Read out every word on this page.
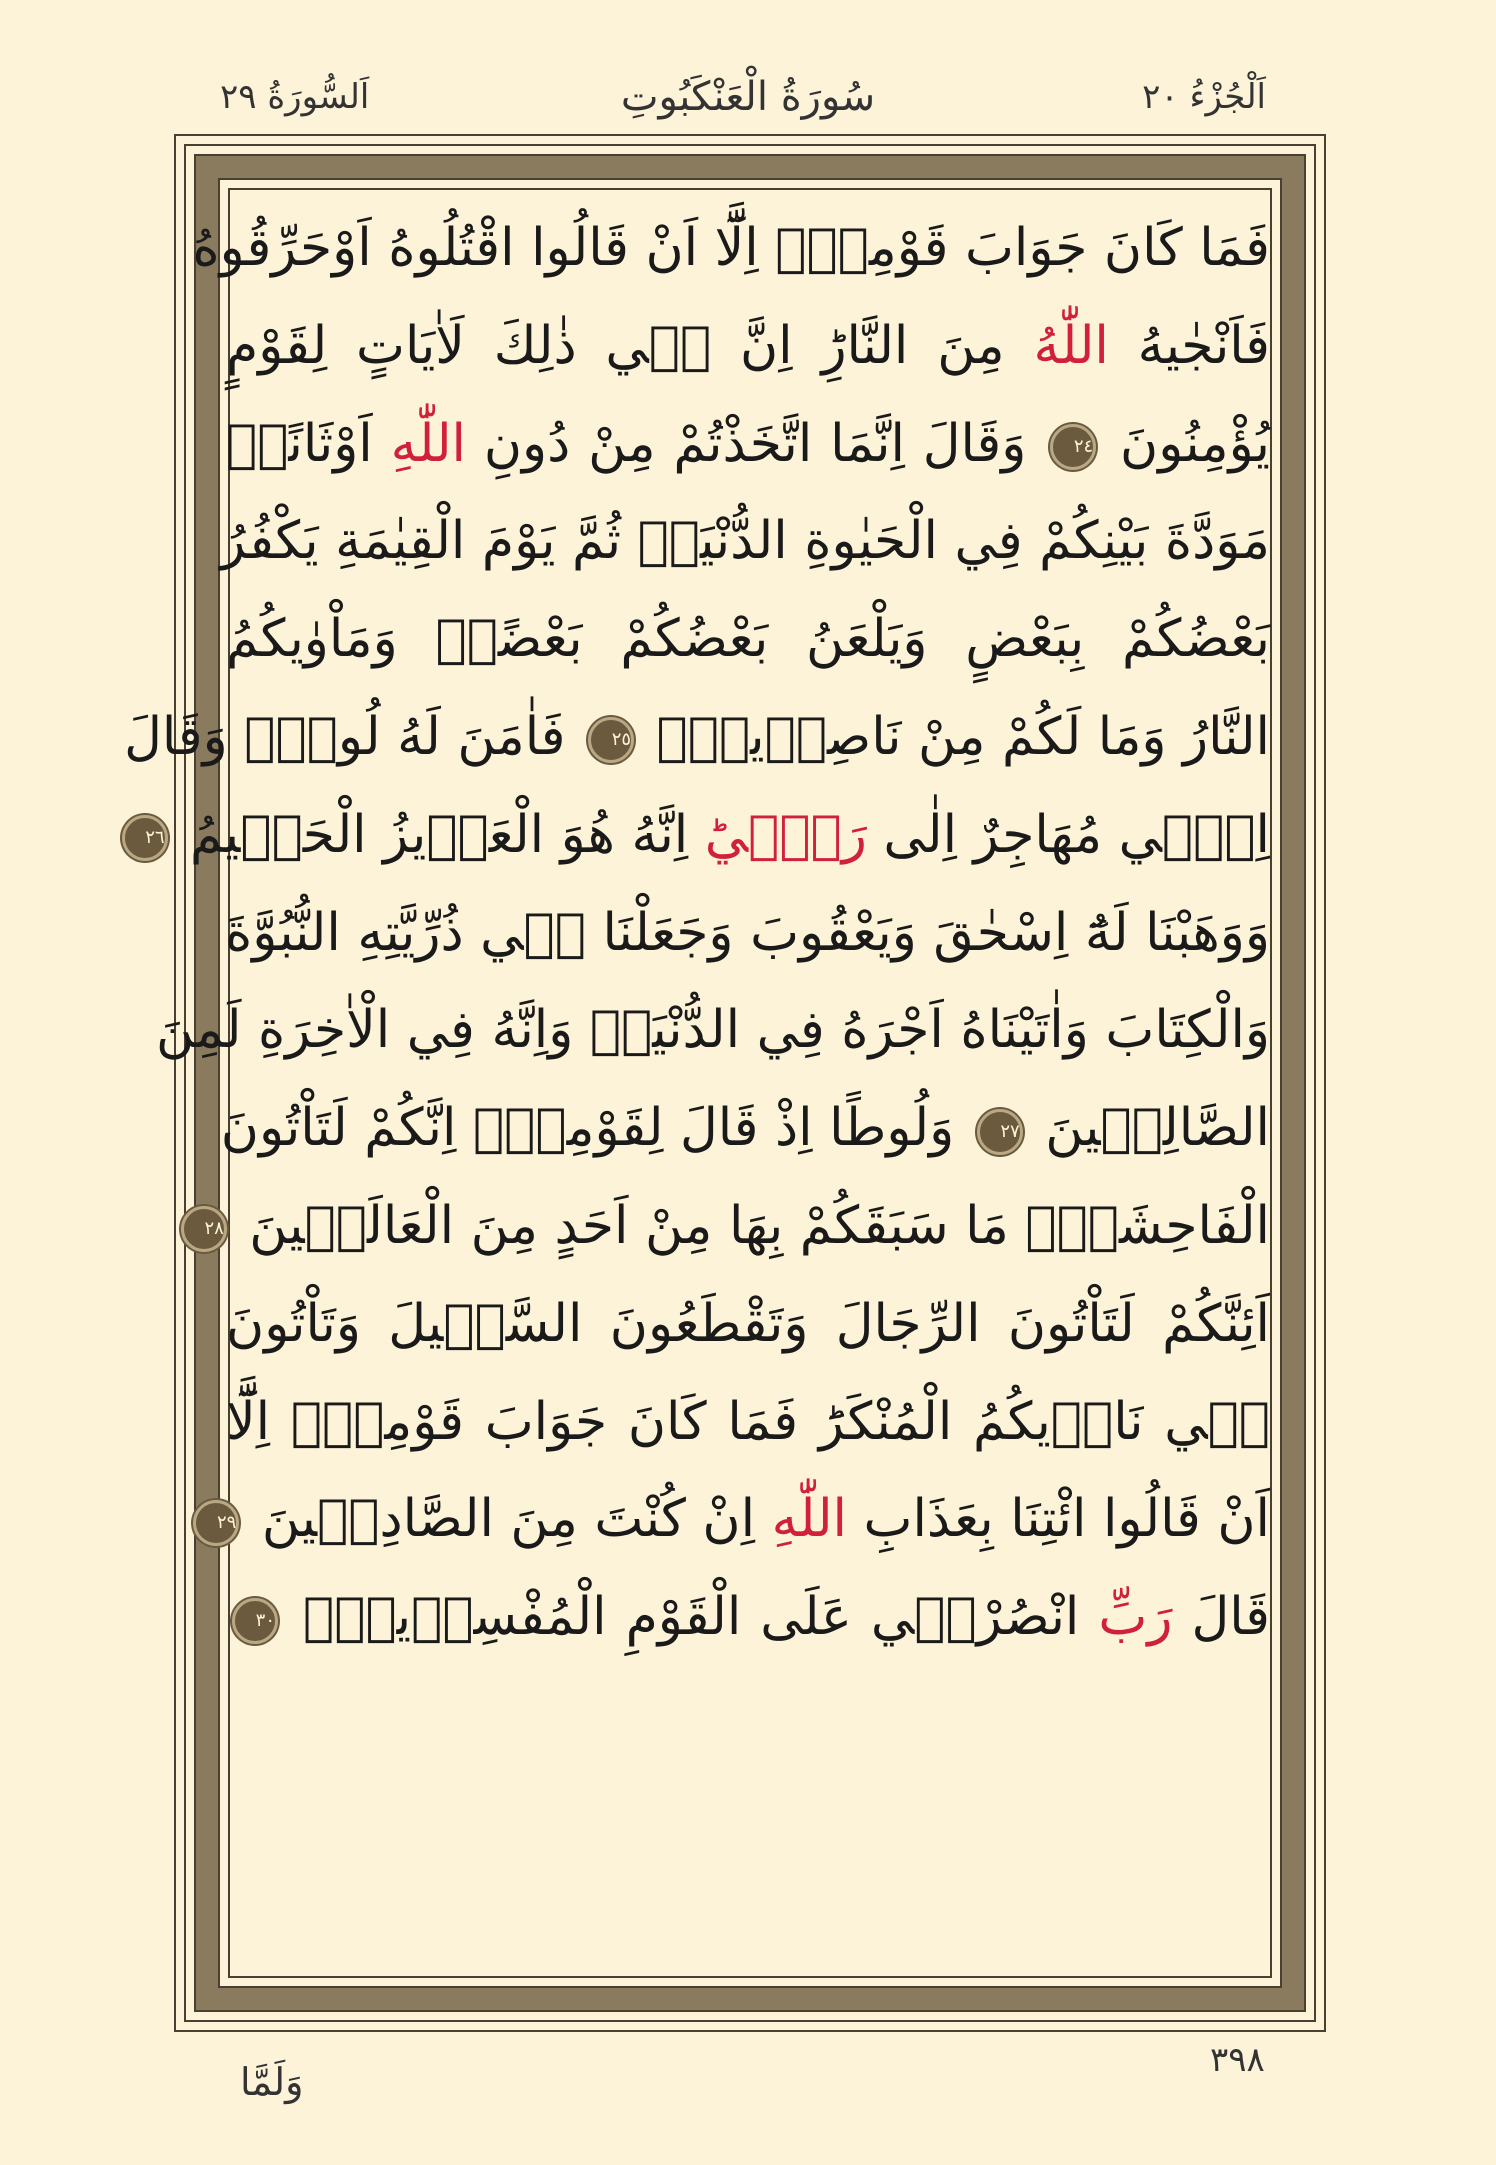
اَلْجُزْءُ ٢٠
سُورَةُ الْعَنْكَبُوتِ
اَلسُّورَةُ ٢٩
فَمَا كَانَ جَوَابَ قَوْمِه۪ٓ اِلَّٓا اَنْ قَالُوا اقْتُلُوهُ اَوْحَرِّقُوهُ
فَاَنْجٰيهُ اللّٰهُ مِنَ النَّارِؕ اِنَّ ف۪ي ذٰلِكَ لَاٰيَاتٍ لِقَوْمٍ
يُؤْمِنُونَ ٢٤ وَقَالَ اِنَّمَا اتَّخَذْتُمْ مِنْ دُونِ اللّٰهِ اَوْثَانًاۙ
مَوَدَّةَ بَيْنِكُمْ فِي الْحَيٰوةِ الدُّنْيَاۚ ثُمَّ يَوْمَ الْقِيٰمَةِ يَكْفُرُ
بَعْضُكُمْ بِبَعْضٍ وَيَلْعَنُ بَعْضُكُمْ بَعْضًاۘ وَمَاْوٰيكُمُ
النَّارُ وَمَا لَكُمْ مِنْ نَاصِر۪ينَۗ ٢٥ فَاٰمَنَ لَهُ لُوطٌۢ وَقَالَ
اِنّ۪ي مُهَاجِرٌ اِلٰى رَبّ۪يؕ اِنَّهُ هُوَ الْعَز۪يزُ الْحَك۪يمُ ٢٦
وَوَهَبْنَا لَهُٓ اِسْحٰقَ وَيَعْقُوبَ وَجَعَلْنَا ف۪ي ذُرِّيَّتِهِ النُّبُوَّةَ
وَالْكِتَابَ وَاٰتَيْنَاهُ اَجْرَهُ فِي الدُّنْيَاۚ وَاِنَّهُ فِي الْاٰخِرَةِ لَمِنَ
الصَّالِح۪ينَ ٢٧ وَلُوطًا اِذْ قَالَ لِقَوْمِه۪ٓ اِنَّكُمْ لَتَاْتُونَ
الْفَاحِشَةَۘ مَا سَبَقَكُمْ بِهَا مِنْ اَحَدٍ مِنَ الْعَالَم۪ينَ ٢٨
اَئِنَّكُمْ لَتَاْتُونَ الرِّجَالَ وَتَقْطَعُونَ السَّب۪يلَ وَتَاْتُونَ
ف۪ي نَادٖيكُمُ الْمُنْكَرَؕ فَمَا كَانَ جَوَابَ قَوْمِه۪ٓ اِلَّٓا
اَنْ قَالُوا ائْتِنَا بِعَذَابِ اللّٰهِ اِنْ كُنْتَ مِنَ الصَّادِق۪ينَ ٢٩
قَالَ رَبِّ انْصُرْن۪ي عَلَى الْقَوْمِ الْمُفْسِد۪ينَۜ ٣٠
٣٩٨
وَلَمَّا
